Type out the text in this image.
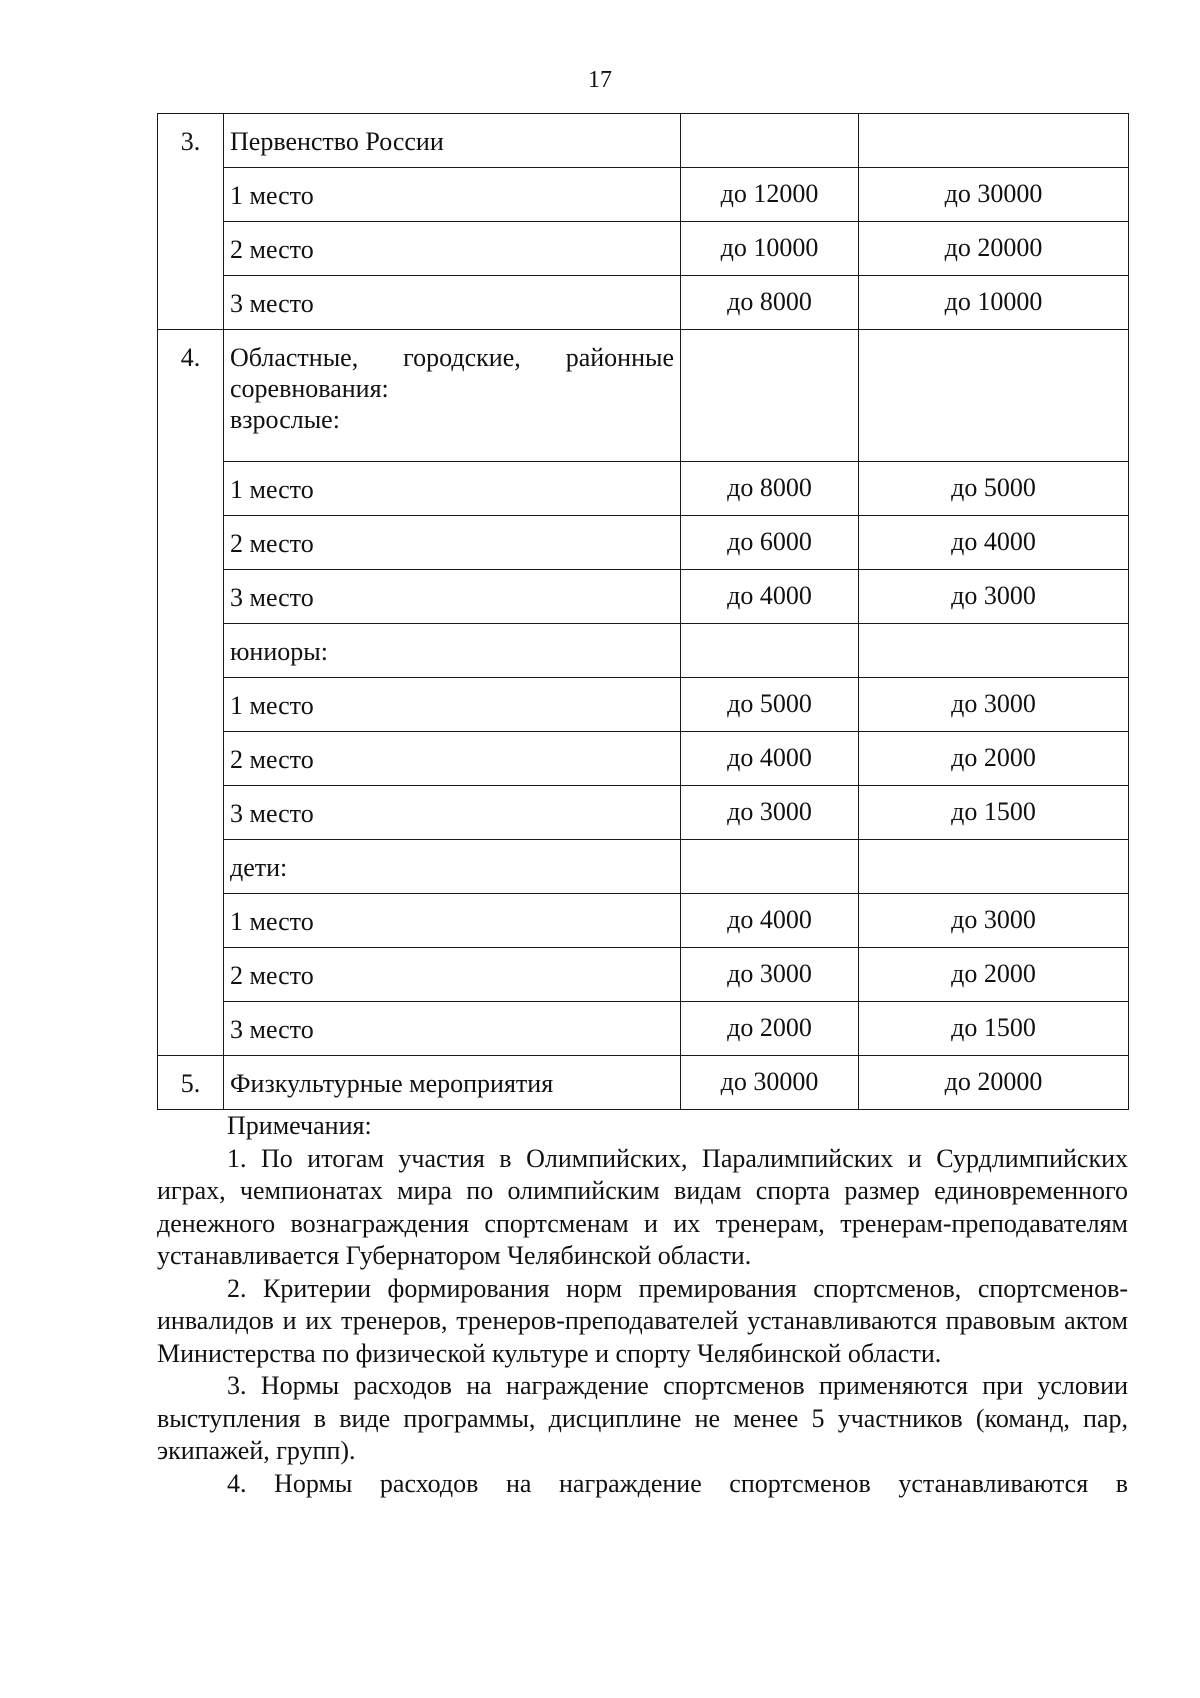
17
3.	Первенство России		
	1 место	до 12000	до 30000
	2 место	до 10000	до 20000
	3 место	до 8000	до 10000
4.	Областные, городские, районные
соревнования:
взрослые:		

	1 место	до 8000	до 5000
	2 место	до 6000	до 4000
	3 место	до 4000	до 3000
	юниоры:		
	1 место	до 5000	до 3000
	2 место	до 4000	до 2000
	3 место	до 3000	до 1500
	дети:		
	1 место	до 4000	до 3000
	2 место	до 3000	до 2000
	3 место	до 2000	до 1500
5.	Физкультурные мероприятия	до 30000	до 20000
Примечания:

1. По итогам участия в Олимпийских, Паралимпийских и Сурдлимпийских играх, чемпионатах мира по олимпийским видам спорта размер единовременного денежного вознаграждения спортсменам и их тренерам, тренерам-преподавателям устанавливается Губернатором Челябинской области.

2. Критерии формирования норм премирования спортсменов, спортсменов-инвалидов и их тренеров, тренеров-преподавателей устанавливаются правовым актом Министерства по физической культуре и спорту Челябинской области.

3. Нормы расходов на награждение спортсменов применяются при условии выступления в виде программы, дисциплине не менее 5 участников (команд, пар, экипажей, групп).

4. Нормы расходов на награждение спортсменов устанавливаются в
